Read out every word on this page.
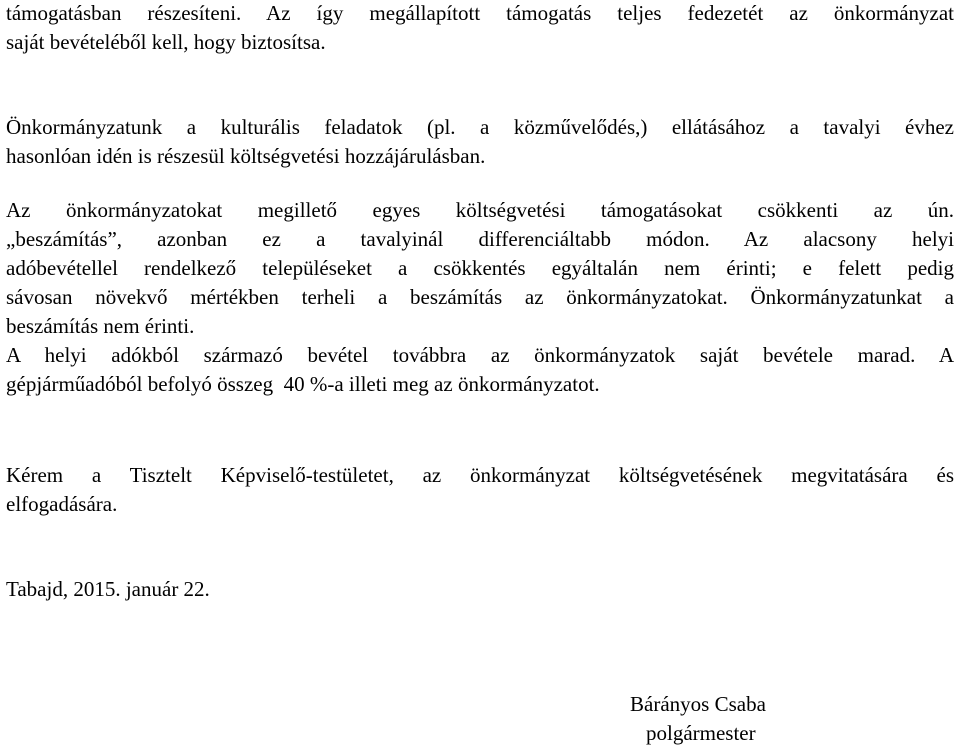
támogatásban részesíteni. Az így megállapított támogatás teljes fedezetét az önkormányzat
saját bevételéből kell, hogy biztosítsa.
Önkormányzatunk a kulturális feladatok (pl. a közművelődés,) ellátásához a tavalyi évhez
hasonlóan idén is részesül költségvetési hozzájárulásban.
Az önkormányzatokat megillető egyes költségvetési támogatásokat csökkenti az ún.
„beszámítás”, azonban ez a tavalyinál differenciáltabb módon. Az alacsony helyi
adóbevétellel rendelkező településeket a csökkentés egyáltalán nem érinti; e felett pedig
sávosan növekvő mértékben terheli a beszámítás az önkormányzatokat. Önkormányzatunkat a
beszámítás nem érinti.
A helyi adókból származó bevétel továbbra az önkormányzatok saját bevétele marad. A
gépjárműadóból befolyó összeg  40 %-a illeti meg az önkormányzatot.
Kérem a Tisztelt Képviselő-testületet, az önkormányzat költségvetésének megvitatására és
elfogadására.
Tabajd, 2015. január 22.
Bárányos Csaba
polgármester
